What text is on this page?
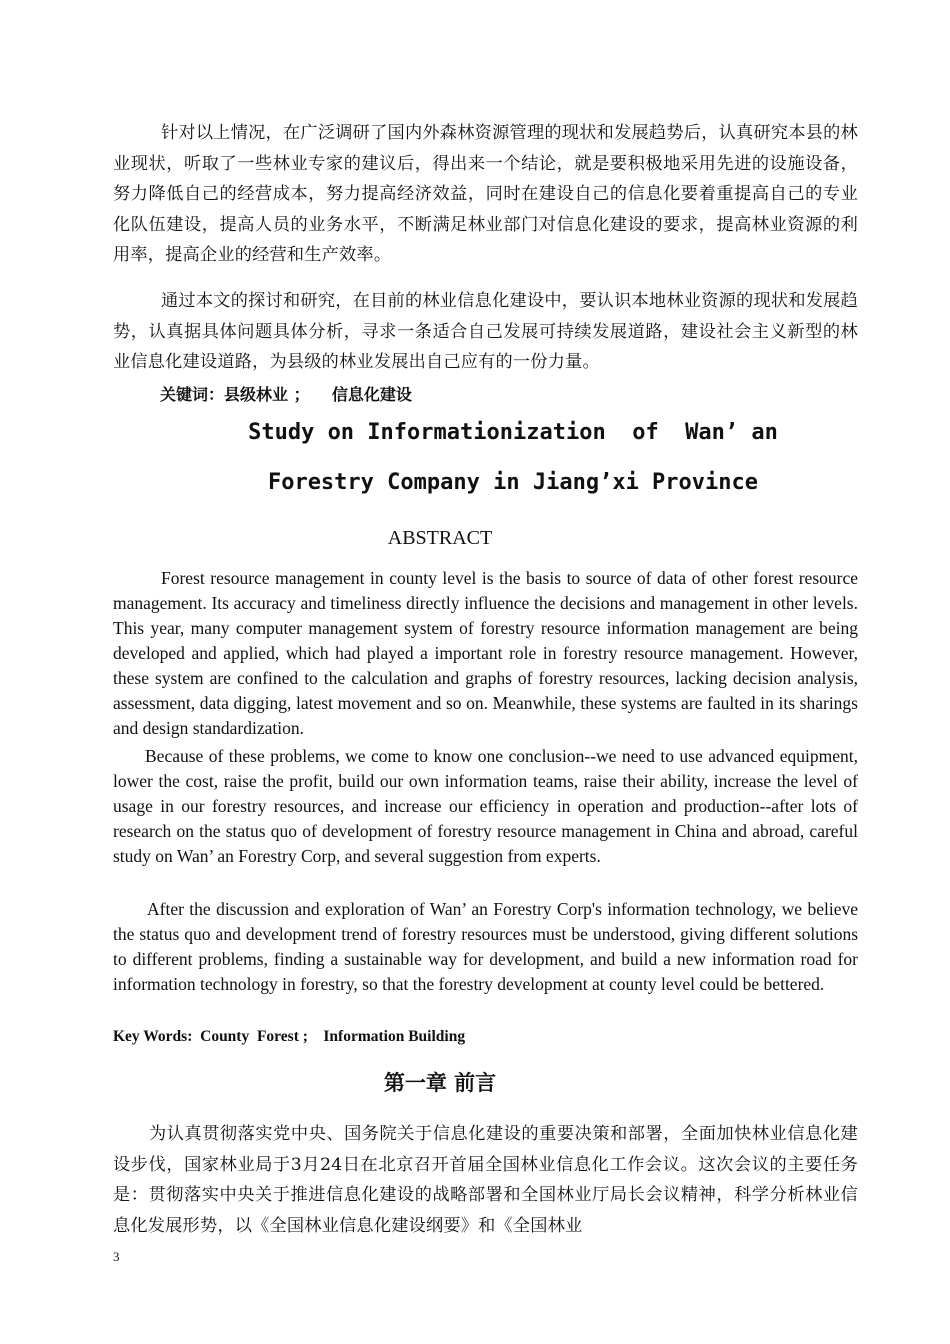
针对以上情况，在广泛调研了国内外森林资源管理的现状和发展趋势后，认真研究本县的林业现状，听取了一些林业专家的建议后，得出来一个结论，就是要积极地采用先进的设施设备，努力降低自己的经营成本，努力提高经济效益，同时在建设自己的信息化要着重提高自己的专业化队伍建设，提高人员的业务水平，不断满足林业部门对信息化建设的要求，提高林业资源的利用率，提高企业的经营和生产效率。

通过本文的探讨和研究，在目前的林业信息化建设中，要认识本地林业资源的现状和发展趋势，认真据具体问题具体分析，寻求一条适合自己发展可持续发展道路，建设社会主义新型的林业信息化建设道路，为县级的林业发展出自己应有的一份力量。

关键词：县级林业 ；    信息化建设

Study on Informationization  of  Wan’ an

Forestry Company in Jiang’xi Province

ABSTRACT

Forest resource management in county level is the basis to source of data of other forest resource management. Its accuracy and timeliness directly influence the decisions and management in other levels. This year, many computer management system of forestry resource information management are being developed and applied, which had played a important role in forestry resource management. However, these system are confined to the calculation and graphs of forestry resources, lacking decision analysis, assessment, data digging, latest movement and so on. Meanwhile, these systems are faulted in its sharings and design standardization.

Because of these problems, we come to know one conclusion--we need to use advanced equipment, lower the cost, raise the profit, build our own information teams, raise their ability, increase the level of usage in our forestry resources, and increase our efficiency in operation and production--after lots of research on the status quo of development of forestry resource management in China and abroad, careful study on Wan’ an Forestry Corp, and several suggestion from experts.

After the discussion and exploration of Wan’ an Forestry Corp's information technology, we believe the status quo and development trend of forestry resources must be understood, giving different solutions to different problems, finding a sustainable way for development, and build a new information road for information technology in forestry, so that the forestry development at county level could be bettered.

Key Words:  County  Forest ;    Information Building

第一章 前言

为认真贯彻落实党中央、国务院关于信息化建设的重要决策和部署，全面加快林业信息化建设步伐，国家林业局于3月24日在北京召开首届全国林业信息化工作会议。这次会议的主要任务是：贯彻落实中央关于推进信息化建设的战略部署和全国林业厅局长会议精神，科学分析林业信息化发展形势，以《全国林业信息化建设纲要》和《全国林业

3
